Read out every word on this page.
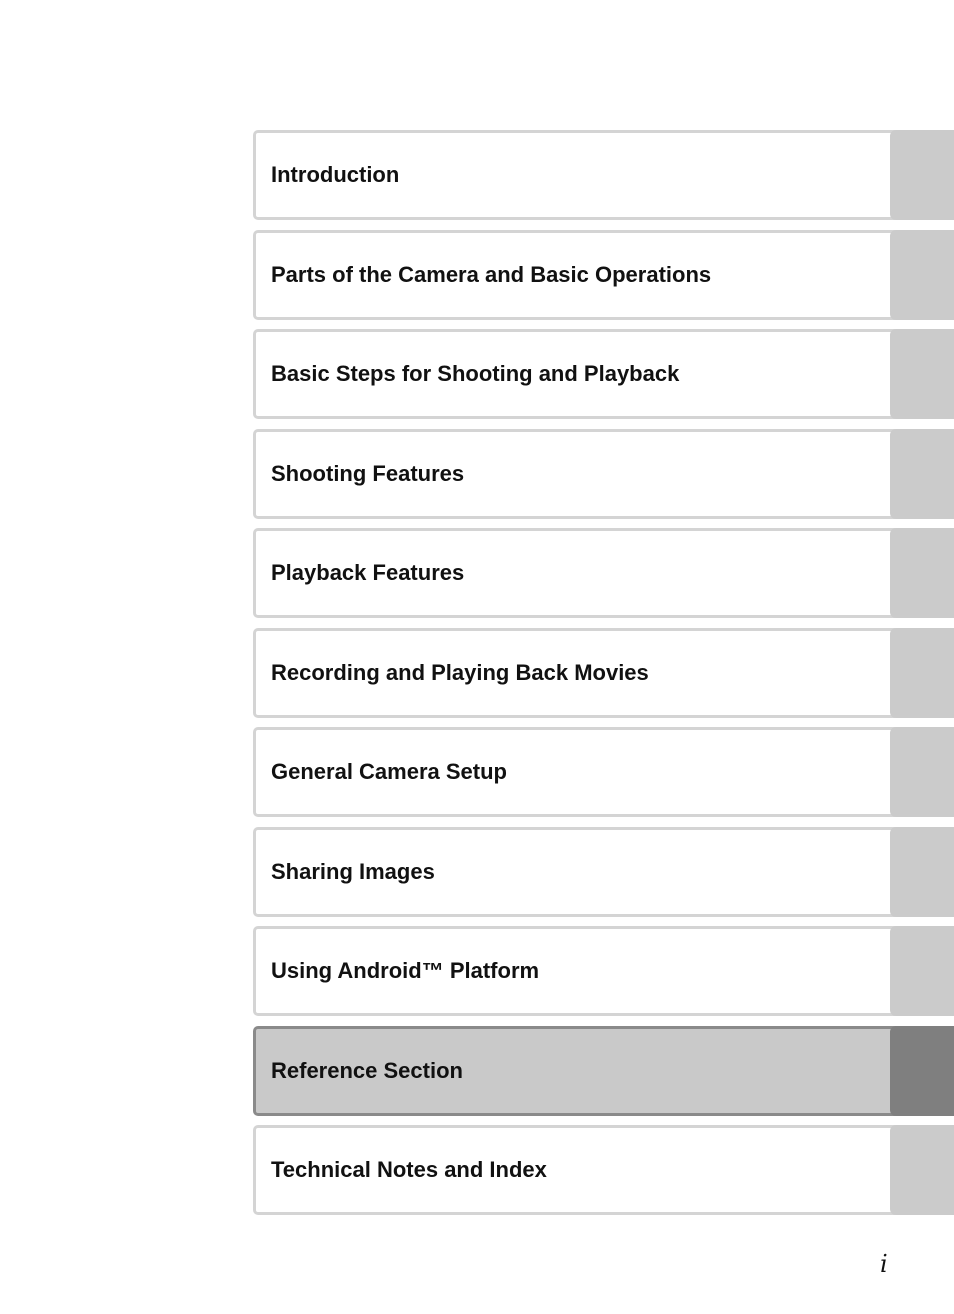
Introduction
Parts of the Camera and Basic Operations
Basic Steps for Shooting and Playback
Shooting Features
Playback Features
Recording and Playing Back Movies
General Camera Setup
Sharing Images
Using Android™ Platform
Reference Section
Technical Notes and Index
i
